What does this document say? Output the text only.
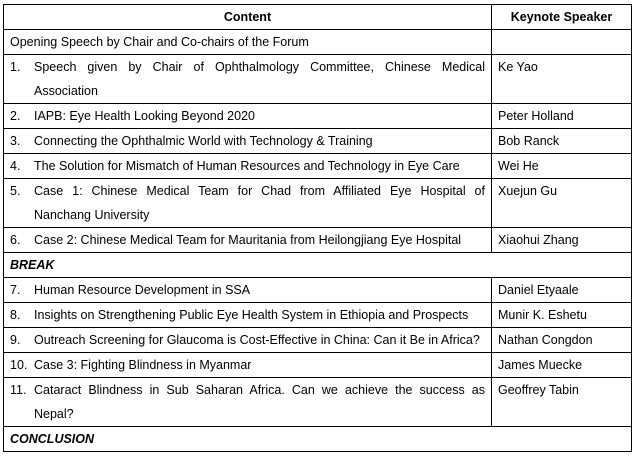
Content	Keynote Speaker
Opening Speech by Chair and Co-chairs of the Forum	

1. Speech given by Chair of Ophthalmology Committee, Chinese Medical Association	Ke Yao

2. IAPB: Eye Health Looking Beyond 2020	Peter Holland

3. Connecting the Ophthalmic World with Technology & Training	Bob Ranck

4. The Solution for Mismatch of Human Resources and Technology in Eye Care	Wei He

5. Case 1: Chinese Medical Team for Chad from Affiliated Eye Hospital of Nanchang University	Xuejun Gu

6. Case 2: Chinese Medical Team for Mauritania from Heilongjiang Eye Hospital	Xiaohui Zhang
BREAK	

7. Human Resource Development in SSA	Daniel Etyaale

8. Insights on Strengthening Public Eye Health System in Ethiopia and Prospects	Munir K. Eshetu

9. Outreach Screening for Glaucoma is Cost-Effective in China: Can it Be in Africa?	Nathan Congdon

10. Case 3: Fighting Blindness in Myanmar	James Muecke

11. Cataract Blindness in Sub Saharan Africa. Can we achieve the success as Nepal?	Geoffrey Tabin
CONCLUSION	
